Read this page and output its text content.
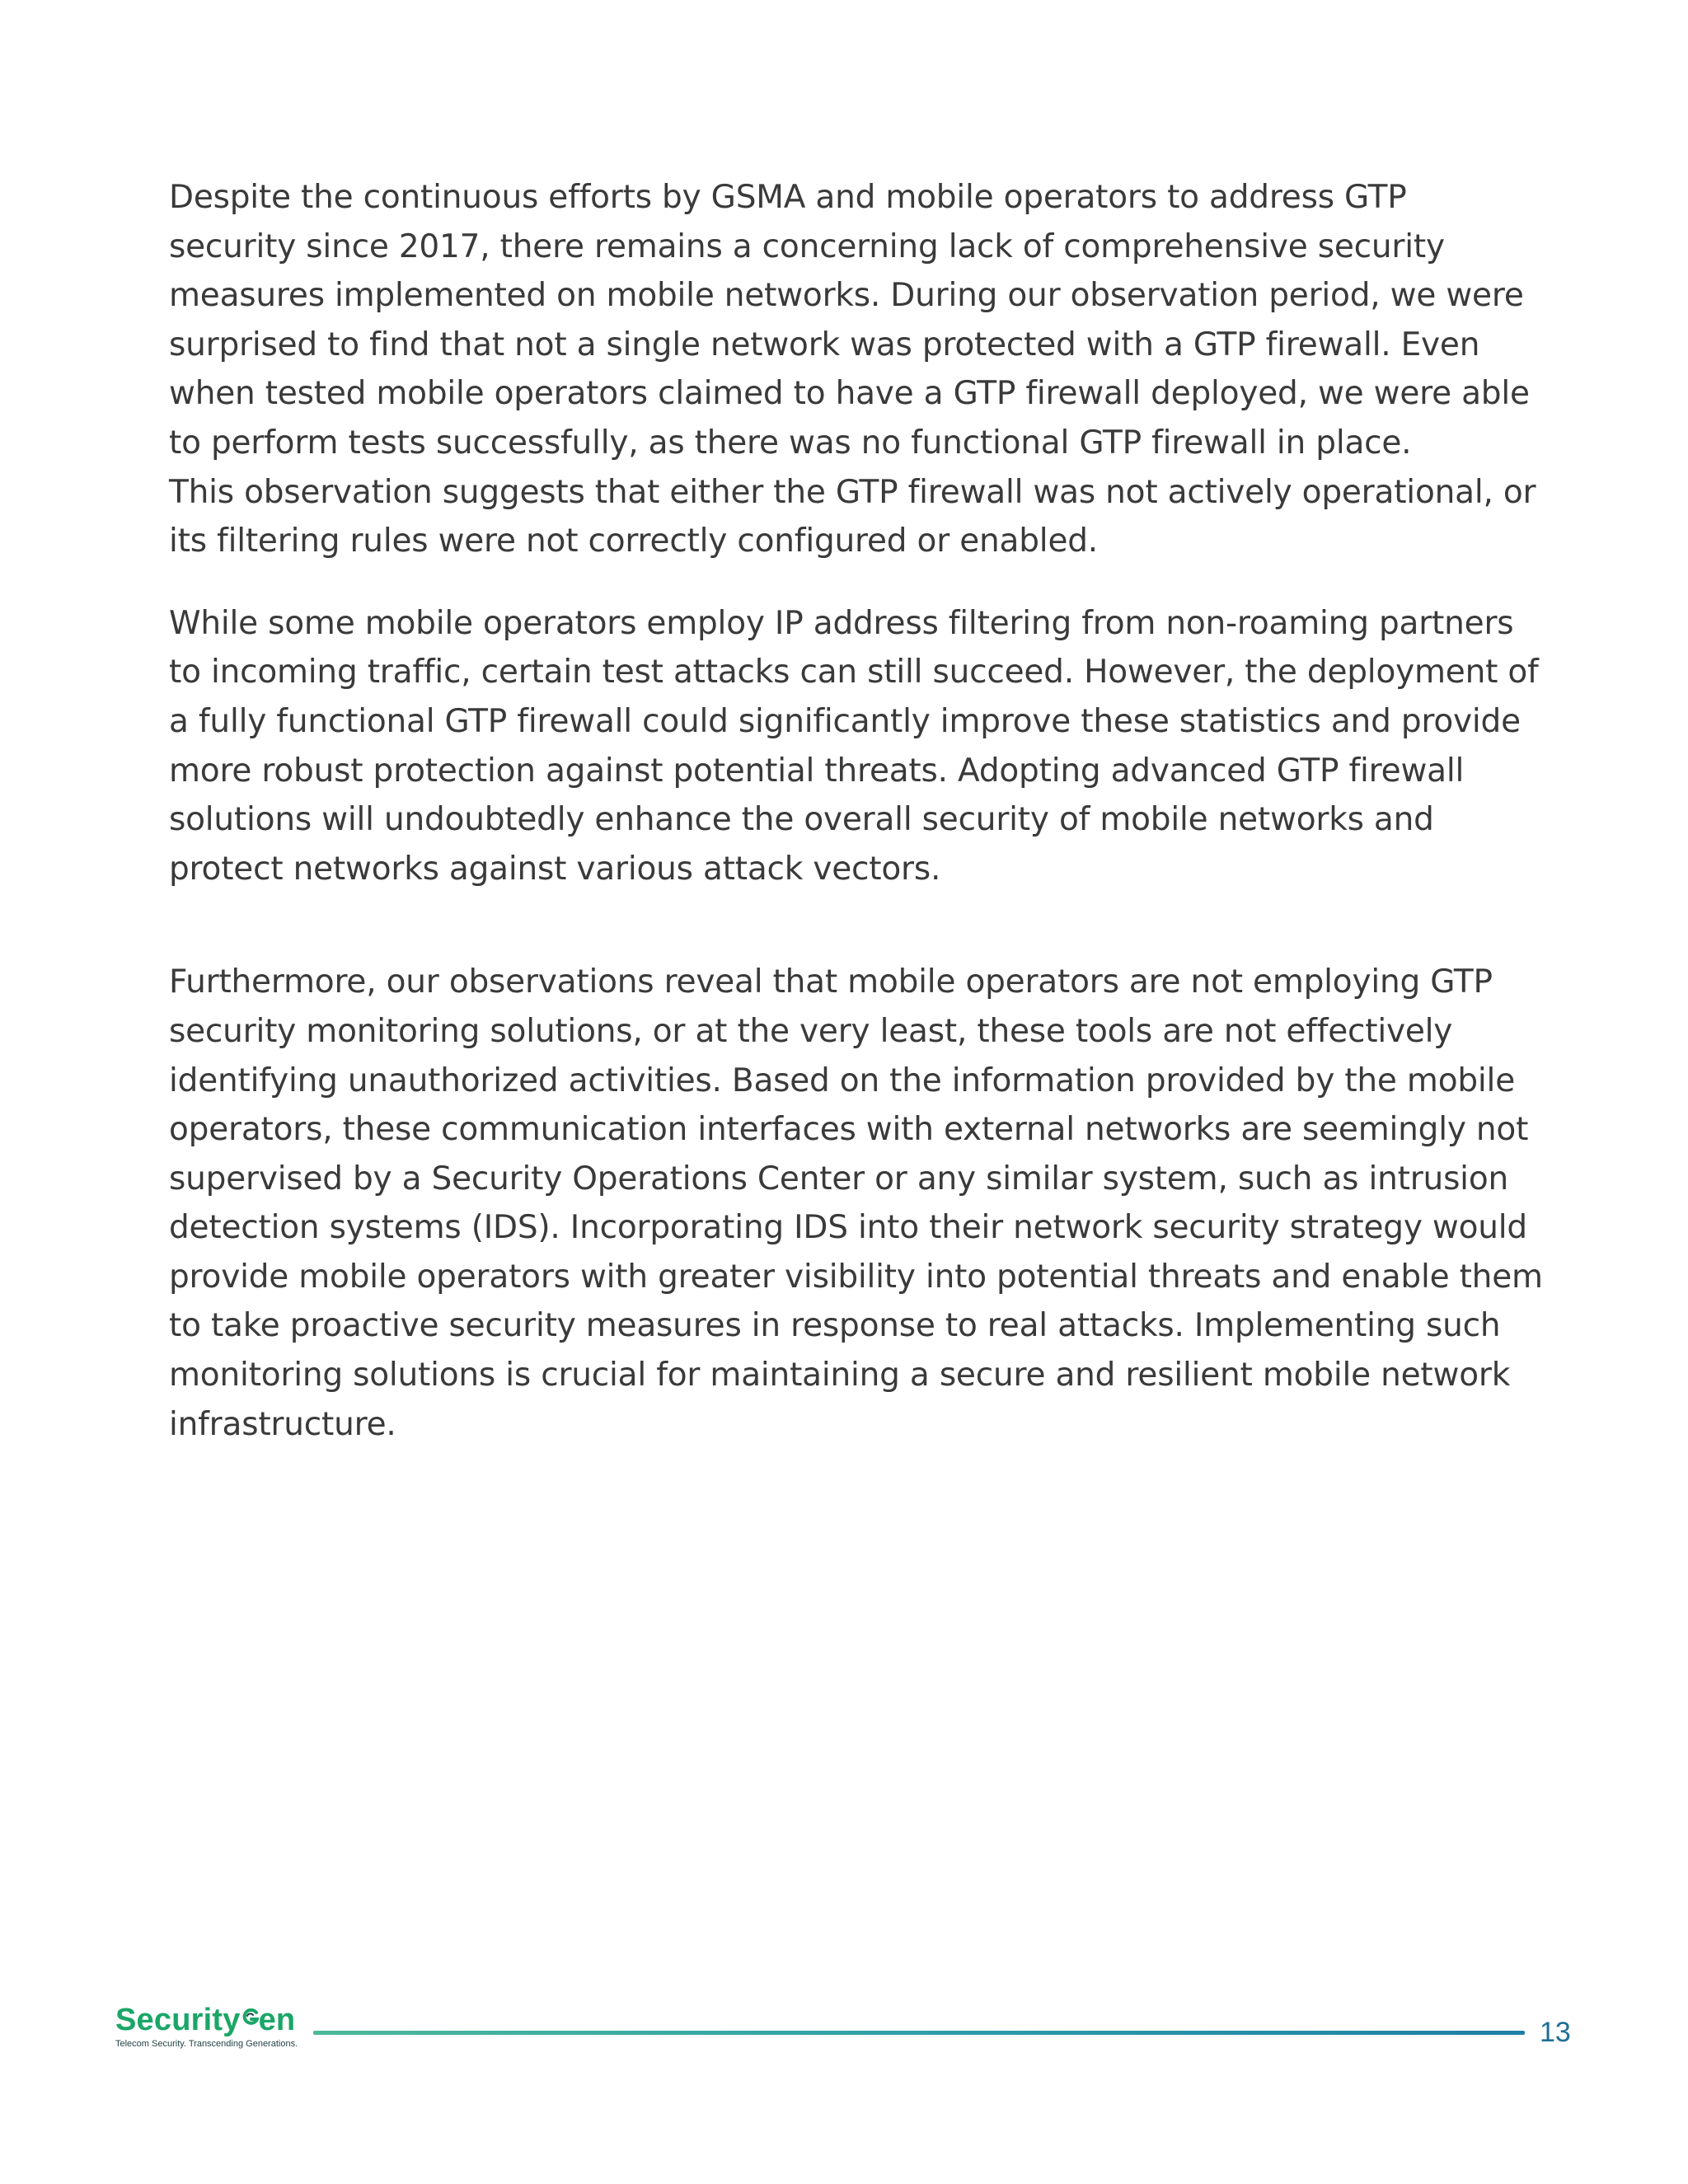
Despite the continuous efforts by GSMA and mobile operators to address GTP
security since 2017, there remains a concerning lack of comprehensive security
measures implemented on mobile networks. During our observation period, we were
surprised to find that not a single network was protected with a GTP firewall. Even
when tested mobile operators claimed to have a GTP firewall deployed, we were able
to perform tests successfully, as there was no functional GTP firewall in place.
This observation suggests that either the GTP firewall was not actively operational, or
its filtering rules were not correctly configured or enabled.

While some mobile operators employ IP address filtering from non-roaming partners
to incoming traffic, certain test attacks can still succeed. However, the deployment of
a fully functional GTP firewall could significantly improve these statistics and provide
more robust protection against potential threats. Adopting advanced GTP firewall
solutions will undoubtedly enhance the overall security of mobile networks and
protect networks against various attack vectors.

Furthermore, our observations reveal that mobile operators are not employing GTP
security monitoring solutions, or at the very least, these tools are not effectively
identifying unauthorized activities. Based on the information provided by the mobile
operators, these communication interfaces with external networks are seemingly not
supervised by a Security Operations Center or any similar system, such as intrusion
detection systems (IDS). Incorporating IDS into their network security strategy would
provide mobile operators with greater visibility into potential threats and enable them
to take proactive security measures in response to real attacks. Implementing such
monitoring solutions is crucial for maintaining a secure and resilient mobile network
infrastructure.

Security en
Telecom Security. Transcending Generations.	13
